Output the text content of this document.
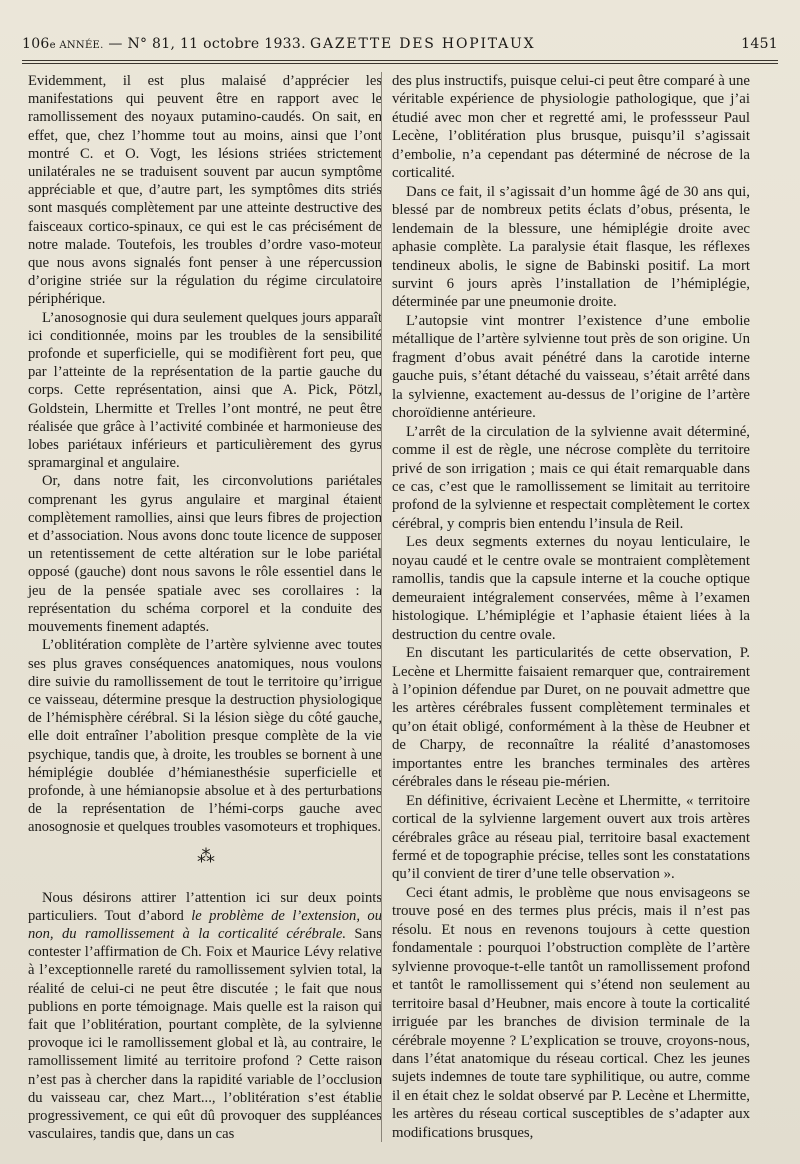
106e ANNÉE. — N° 81, 11 octobre 1933. GAZETTE DES HOPITAUX	1451

Evidemment, il est plus malaisé d’apprécier les manifestations qui peuvent être en rapport avec le ramollissement des noyaux putamino-caudés. On sait, en effet, que, chez l’homme tout au moins, ainsi que l’ont montré C. et O. Vogt, les lésions striées strictement unilatérales ne se traduisent souvent par aucun symptôme appréciable et que, d’autre part, les symptômes dits striés sont masqués complètement par une atteinte destructive des faisceaux cortico-spinaux, ce qui est le cas précisément de notre malade. Toutefois, les troubles d’ordre vaso-moteur que nous avons signalés font penser à une répercussion d’origine striée sur la régulation du régime circulatoire périphérique.

L’anosognosie qui dura seulement quelques jours apparaît ici conditionnée, moins par les troubles de la sensibilité profonde et superficielle, qui se modifièrent fort peu, que par l’atteinte de la représentation de la partie gauche du corps. Cette représentation, ainsi que A. Pick, Pötzl, Goldstein, Lhermitte et Trelles l’ont montré, ne peut être réalisée que grâce à l’activité combinée et harmonieuse des lobes pariétaux inférieurs et particulièrement des gyrus spramarginal et angulaire.

Or, dans notre fait, les circonvolutions pariétales comprenant les gyrus angulaire et marginal étaient complètement ramollies, ainsi que leurs fibres de projection et d’association. Nous avons donc toute licence de supposer un retentissement de cette altération sur le lobe pariétal opposé (gauche) dont nous savons le rôle essentiel dans le jeu de la pensée spatiale avec ses corollaires : la représentation du schéma corporel et la conduite des mouvements finement adaptés.

L’oblitération complète de l’artère sylvienne avec toutes ses plus graves conséquences anatomiques, nous voulons dire suivie du ramollissement de tout le territoire qu’irrigue ce vaisseau, détermine presque la destruction physiologique de l’hémisphère cérébral. Si la lésion siège du côté gauche, elle doit entraîner l’abolition presque complète de la vie psychique, tandis que, à droite, les troubles se bornent à une hémiplégie doublée d’hémianesthésie superficielle et profonde, à une hémianopsie absolue et à des perturbations de la représentation de l’hémi-corps gauche avec anosognosie et quelques troubles vasomoteurs et trophiques.

⁂

Nous désirons attirer l’attention ici sur deux points particuliers. Tout d’abord le problème de l’extension, ou non, du ramollissement à la corticalité cérébrale. Sans contester l’affirmation de Ch. Foix et Maurice Lévy relative à l’exceptionnelle rareté du ramollissement sylvien total, la réalité de celui-ci ne peut être discutée ; le fait que nous publions en porte témoignage. Mais quelle est la raison qui fait que l’oblitération, pourtant complète, de la sylvienne provoque ici le ramollissement global et là, au contraire, le ramollissement limité au territoire profond ? Cette raison n’est pas à chercher dans la rapidité variable de l’occlusion du vaisseau car, chez Mart..., l’oblitération s’est établie progressivement, ce qui eût dû provoquer des suppléances vasculaires, tandis que, dans un cas

des plus instructifs, puisque celui-ci peut être comparé à une véritable expérience de physiologie pathologique, que j’ai étudié avec mon cher et regretté ami, le professseur Paul Lecène, l’oblitération plus brusque, puisqu’il s’agissait d’embolie, n’a cependant pas déterminé de nécrose de la corticalité.

Dans ce fait, il s’agissait d’un homme âgé de 30 ans qui, blessé par de nombreux petits éclats d’obus, présenta, le lendemain de la blessure, une hémiplégie droite avec aphasie complète. La paralysie était flasque, les réflexes tendineux abolis, le signe de Babinski positif. La mort survint 6 jours après l’installation de l’hémiplégie, déterminée par une pneumonie droite.

L’autopsie vint montrer l’existence d’une embolie métallique de l’artère sylvienne tout près de son origine. Un fragment d’obus avait pénétré dans la carotide interne gauche puis, s’étant détaché du vaisseau, s’était arrêté dans la sylvienne, exactement au-dessus de l’origine de l’artère choroïdienne antérieure.

L’arrêt de la circulation de la sylvienne avait déterminé, comme il est de règle, une nécrose complète du territoire privé de son irrigation ; mais ce qui était remarquable dans ce cas, c’est que le ramollissement se limitait au territoire profond de la sylvienne et respectait complètement le cortex cérébral, y compris bien entendu l’insula de Reil.

Les deux segments externes du noyau lenticulaire, le noyau caudé et le centre ovale se montraient complètement ramollis, tandis que la capsule interne et la couche optique demeuraient intégralement conservées, même à l’examen histologique. L’hémiplégie et l’aphasie étaient liées à la destruction du centre ovale.

En discutant les particularités de cette observation, P. Lecène et Lhermitte faisaient remarquer que, contrairement à l’opinion défendue par Duret, on ne pouvait admettre que les artères cérébrales fussent complètement terminales et qu’on était obligé, conformément à la thèse de Heubner et de Charpy, de reconnaître la réalité d’anastomoses importantes entre les branches terminales des artères cérébrales dans le réseau pie-mérien.

En définitive, écrivaient Lecène et Lhermitte, « territoire cortical de la sylvienne largement ouvert aux trois artères cérébrales grâce au réseau pial, territoire basal exactement fermé et de topographie précise, telles sont les constatations qu’il convient de tirer d’une telle observation ».

Ceci étant admis, le problème que nous envisageons se trouve posé en des termes plus précis, mais il n’est pas résolu. Et nous en revenons toujours à cette question fondamentale : pourquoi l’obstruction complète de l’artère sylvienne provoque-t-elle tantôt un ramollissement profond et tantôt le ramollissement qui s’étend non seulement au territoire basal d’Heubner, mais encore à toute la corticalité irriguée par les branches de division terminale de la cérébrale moyenne ? L’explication se trouve, croyons-nous, dans l’état anatomique du réseau cortical. Chez les jeunes sujets indemnes de toute tare syphilitique, ou autre, comme il en était chez le soldat observé par P. Lecène et Lhermitte, les artères du réseau cortical susceptibles de s’adapter aux modifications brusques,
